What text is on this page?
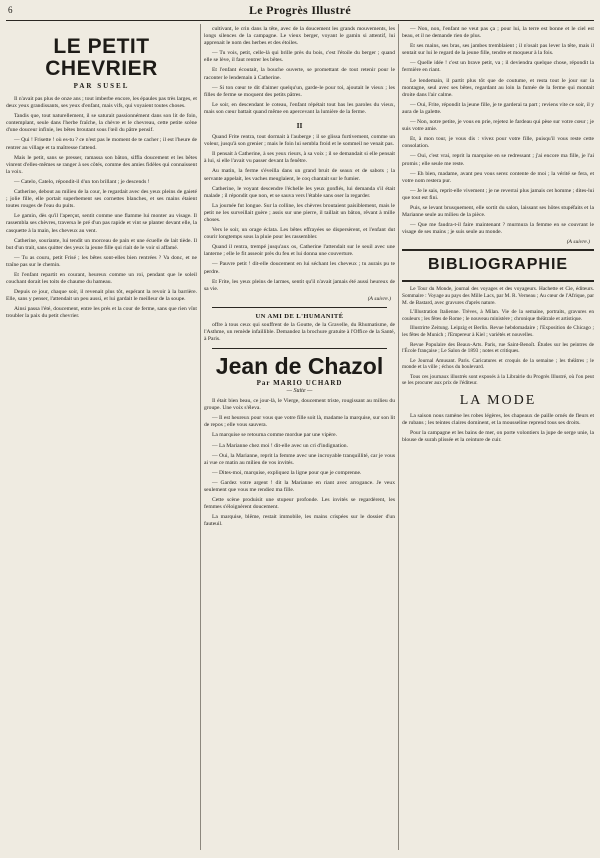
6	Le Progrès Illustré
LE PETIT CHEVRIER
PAR SUSEL

Il n'avait pas plus de onze ans ; tout imberbe encore, les épaules pas très larges, et deux yeux grandissants, ses yeux d'enfant, mais vifs, qui voyaient toutes choses.

Tandis que, tout naturellement, il se saturait passionnément dans son lit de foin, contemplant, seule dans l'herbe fraîche, la chèvre et le chevreau, cette petite scène d'une douceur infinie, les bêtes broutant sous l'œil du pâtre pensif.

— Qui ! Frisette ! où es-tu ? ce n'est pas le moment de te cacher ; il est l'heure de rentrer au village et ta maîtresse t'attend.

Mais le petit, sans se presser, ramassa son bâton, siffla doucement et les bêtes vinrent d'elles-mêmes se ranger à ses côtés, comme des amies fidèles qui connaissent la voix.

— Catelo, Catelo, répondit-il d'un ton brillant ; je descends !

Catherine, debout au milieu de la cour, le regardait avec des yeux pleins de gaieté ; jolie fille, elle portait superbement ses cornettes blanches, et ses mains étaient toutes rouges de l'eau du puits.

Le gamin, dès qu'il l'aperçut, sentit comme une flamme lui monter au visage. Il rassembla ses chèvres, traversa le pré d'un pas rapide et vint se planter devant elle, la casquette à la main, les cheveux au vent.

Catherine, souriante, lui tendit un morceau de pain et une écuelle de lait tiède. Il but d'un trait, sans quitter des yeux la jeune fille qui riait de le voir si affamé.

— Tu as couru, petit Frisé ; les bêtes sont-elles bien rentrées ? Va donc, et ne traîne pas sur le chemin.

Et l'enfant repartit en courant, heureux comme un roi, pendant que le soleil couchant dorait les toits de chaume du hameau.

Depuis ce jour, chaque soir, il revenait plus tôt, espérant la revoir à la barrière. Elle, sans y penser, l'attendait un peu aussi, et lui gardait le meilleur de la soupe.

Ainsi passa l'été, doucement, entre les prés et la cour de ferme, sans que rien vînt troubler la paix du petit chevrier.

cultivant, le crin dans la tête, avec de la doucement les grands mouvements, les longs silences de la campagne. Le vieux berger, voyant le gamin si attentif, lui apprenait le nom des herbes et des étoiles.

— Tu vois, petit, celle-là qui brille près du bois, c'est l'étoile du berger ; quand elle se lève, il faut rentrer les bêtes.

Et l'enfant écoutait, la bouche ouverte, se promettant de tout retenir pour le raconter le lendemain à Catherine.

— Si ton cœur te dit d'aimer quelqu'un, garde-le pour toi, ajoutait le vieux ; les filles de ferme se moquent des petits pâtres.

Le soir, en descendant le coteau, l'enfant répétait tout bas les paroles du vieux, mais son cœur battait quand même en apercevant la lumière de la ferme.

II

Quand Frite rentra, tout dormait à l'auberge ; il se glissa furtivement, comme un voleur, jusqu'à son grenier ; mais le foin lui sembla froid et le sommeil ne venait pas.

Il pensait à Catherine, à ses yeux rieurs, à sa voix ; il se demandait si elle pensait à lui, si elle l'avait vu passer devant la fenêtre.

Au matin, la ferme s'éveilla dans un grand bruit de seaux et de sabots ; la servante appelait, les vaches meuglaient, le coq chantait sur le fumier.

Catherine, le voyant descendre l'échelle les yeux gonflés, lui demanda s'il était malade ; il répondit que non, et se sauva vers l'étable sans oser la regarder.

La journée fut longue. Sur la colline, les chèvres broutaient paisiblement, mais le petit ne les surveillait guère ; assis sur une pierre, il taillait un bâton, rêvant à mille choses.

Vers le soir, un orage éclata. Les bêtes effrayées se dispersèrent, et l'enfant dut courir longtemps sous la pluie pour les rassembler.

Quand il rentra, trempé jusqu'aux os, Catherine l'attendait sur le seuil avec une lanterne ; elle le fit asseoir près du feu et lui donna une couverture.

— Pauvre petit ! dit-elle doucement en lui séchant les cheveux ; tu aurais pu te perdre.

Et Frite, les yeux pleins de larmes, sentit qu'il n'avait jamais été aussi heureux de sa vie.

(A suivre.)
UN AMI DE L'HUMANITÉ

offre à tous ceux qui souffrent de la Goutte, de la Gravelle, du Rhumatisme, de l'Asthme, un remède infaillible. Demandez la brochure gratuite à l'Office de la Santé, à Paris.

Jean de Chazol
Par MARIO UCHARD
— Suite —

Il était bien beau, ce jour-là, le Vierge, doucement triste, rougissant au milieu du groupe. Une voix s'éleva.

— Il est heureux pour vous que votre fille soit là, madame la marquise, sur son lit de repos ; elle vous sauvera.

La marquise se retourna comme mordue par une vipère.

— La Marianne chez moi ! dit-elle avec un cri d'indignation.

— Oui, la Marianne, reprit la femme avec une incroyable tranquillité, car je vous ai vue ce matin au milieu de vos invités.

— Dites-moi, marquise, expliquez la ligne pour que je comprenne.

— Gardez votre argent ! dit la Marianne en riant avec arrogance. Je veux seulement que vous me rendiez ma fille.

Cette scène produisit une stupeur profonde. Les invités se regardèrent, les femmes s'éloignèrent doucement.

La marquise, blême, restait immobile, les mains crispées sur le dossier d'un fauteuil.

— Non, non, l'enfant ne veut pas ça ; pour lui, la terre est bonne et le ciel est beau, et il ne demande rien de plus.

Et ses mains, ses bras, ses jambes tremblaient ; il n'osait pas lever la tête, mais il sentait sur lui le regard de la jeune fille, tendre et moqueur à la fois.

— Quelle idée ! c'est un brave petit, va ; il deviendra quelque chose, répondit la fermière en riant.

Le lendemain, il partit plus tôt que de coutume, et resta tout le jour sur la montagne, seul avec ses bêtes, regardant au loin la fumée de la ferme qui montait droite dans l'air calme.

— Oui, Frite, répondit la jeune fille, je te garderai ta part ; reviens vite ce soir, il y aura de la galette.

— Non, notre petite, je vous en prie, rejetez le fardeau qui pèse sur votre cœur ; je suis votre amie.

Et, à mon tour, je vous dis : vivez pour votre fille, puisqu'il vous reste cette consolation.

— Oui, c'est vrai, reprit la marquise en se redressant ; j'ai encore ma fille, je l'ai promis ; elle seule me reste.

— Eh bien, madame, avant peu vous serez contente de moi ; la vérité se fera, et votre nom restera pur.

— Je le sais, reprit-elle vivement ; je ne reverrai plus jamais cet homme ; dites-lui que tout est fini.

Puis, se levant brusquement, elle sortit du salon, laissant ses hôtes stupéfaits et la Marianne seule au milieu de la pièce.

— Que me faudra-t-il faire maintenant ? murmura la femme en se couvrant le visage de ses mains ; je suis seule au monde.

(A suivre.)
BIBLIOGRAPHIE

Le Tour du Monde, journal des voyages et des voyageurs. Hachette et Cie, éditeurs. Sommaire : Voyage au pays des Mille Lacs, par M. R. Verneau ; Au cœur de l'Afrique, par M. de Bastard, avec gravures d'après nature.

L'Illustration Italienne. Trèves, à Milan. Vie de la semaine, portraits, gravures en couleurs ; les fêtes de Rome ; le nouveau ministère ; chronique théâtrale et artistique.

Illustrirte Zeitung. Leipzig et Berlin. Revue hebdomadaire ; l'Exposition de Chicago ; les fêtes de Munich ; l'Empereur à Kiel ; variétés et nouvelles.

Revue Populaire des Beaux-Arts. Paris, rue Saint-Benoît. Études sur les peintres de l'École française ; Le Salon de 1893 ; notes et critiques.

Le Journal Amusant. Paris. Caricatures et croquis de la semaine ; les théâtres ; le monde et la ville ; échos du boulevard.

Tous ces journaux illustrés sont exposés à la Librairie du Progrès Illustré, où l'on peut se les procurer aux prix de l'éditeur.

LA MODE

La saison nous ramène les robes légères, les chapeaux de paille ornés de fleurs et de rubans ; les teintes claires dominent, et la mousseline reprend tous ses droits.

Pour la campagne et les bains de mer, on porte volontiers la jupe de serge unie, la blouse de surah plissée et la ceinture de cuir.
